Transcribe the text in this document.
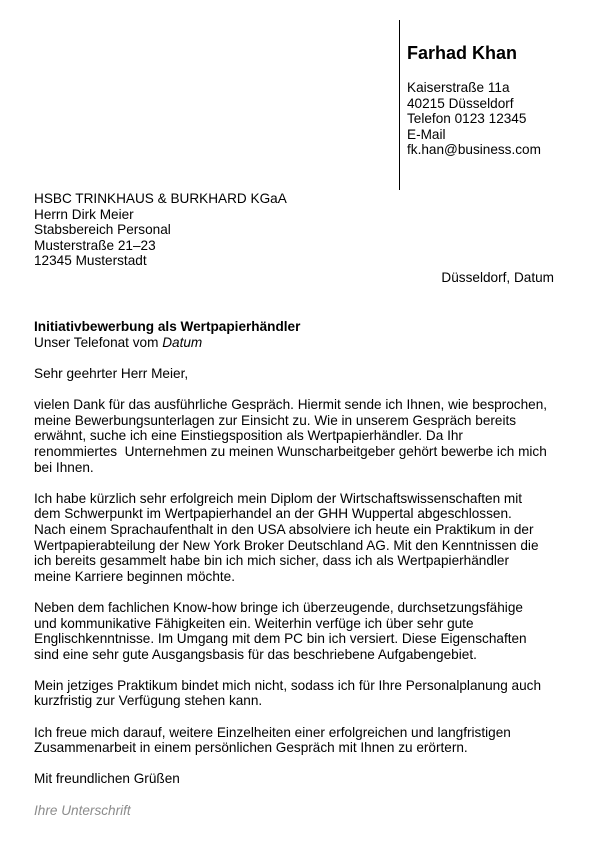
Farhad Khan
Kaiserstraße 11a
40215 Düsseldorf
Telefon 0123 12345
E-Mail
fk.han@business.com
HSBC TRINKHAUS & BURKHARD KGaA
Herrn Dirk Meier
Stabsbereich Personal
Musterstraße 21–23
12345 Musterstadt
Düsseldorf, Datum
Initiativbewerbung als Wertpapierhändler
Unser Telefonat vom Datum
Sehr geehrter Herr Meier,
vielen Dank für das ausführliche Gespräch. Hiermit sende ich Ihnen, wie besprochen,
meine Bewerbungsunterlagen zur Einsicht zu. Wie in unserem Gespräch bereits
erwähnt, suche ich eine Einstiegsposition als Wertpapierhändler. Da Ihr
renommiertes  Unternehmen zu meinen Wunscharbeitgeber gehört bewerbe ich mich
bei Ihnen.
Ich habe kürzlich sehr erfolgreich mein Diplom der Wirtschaftswissenschaften mit
dem Schwerpunkt im Wertpapierhandel an der GHH Wuppertal abgeschlossen.
Nach einem Sprachaufenthalt in den USA absolviere ich heute ein Praktikum in der
Wertpapierabteilung der New York Broker Deutschland AG. Mit den Kenntnissen die
ich bereits gesammelt habe bin ich mich sicher, dass ich als Wertpapierhändler
meine Karriere beginnen möchte.
Neben dem fachlichen Know-how bringe ich überzeugende, durchsetzungsfähige
und kommunikative Fähigkeiten ein. Weiterhin verfüge ich über sehr gute
Englischkenntnisse. Im Umgang mit dem PC bin ich versiert. Diese Eigenschaften
sind eine sehr gute Ausgangsbasis für das beschriebene Aufgabengebiet.
Mein jetziges Praktikum bindet mich nicht, sodass ich für Ihre Personalplanung auch
kurzfristig zur Verfügung stehen kann.
Ich freue mich darauf, weitere Einzelheiten einer erfolgreichen und langfristigen
Zusammenarbeit in einem persönlichen Gespräch mit Ihnen zu erörtern.
Mit freundlichen Grüßen
Ihre Unterschrift
